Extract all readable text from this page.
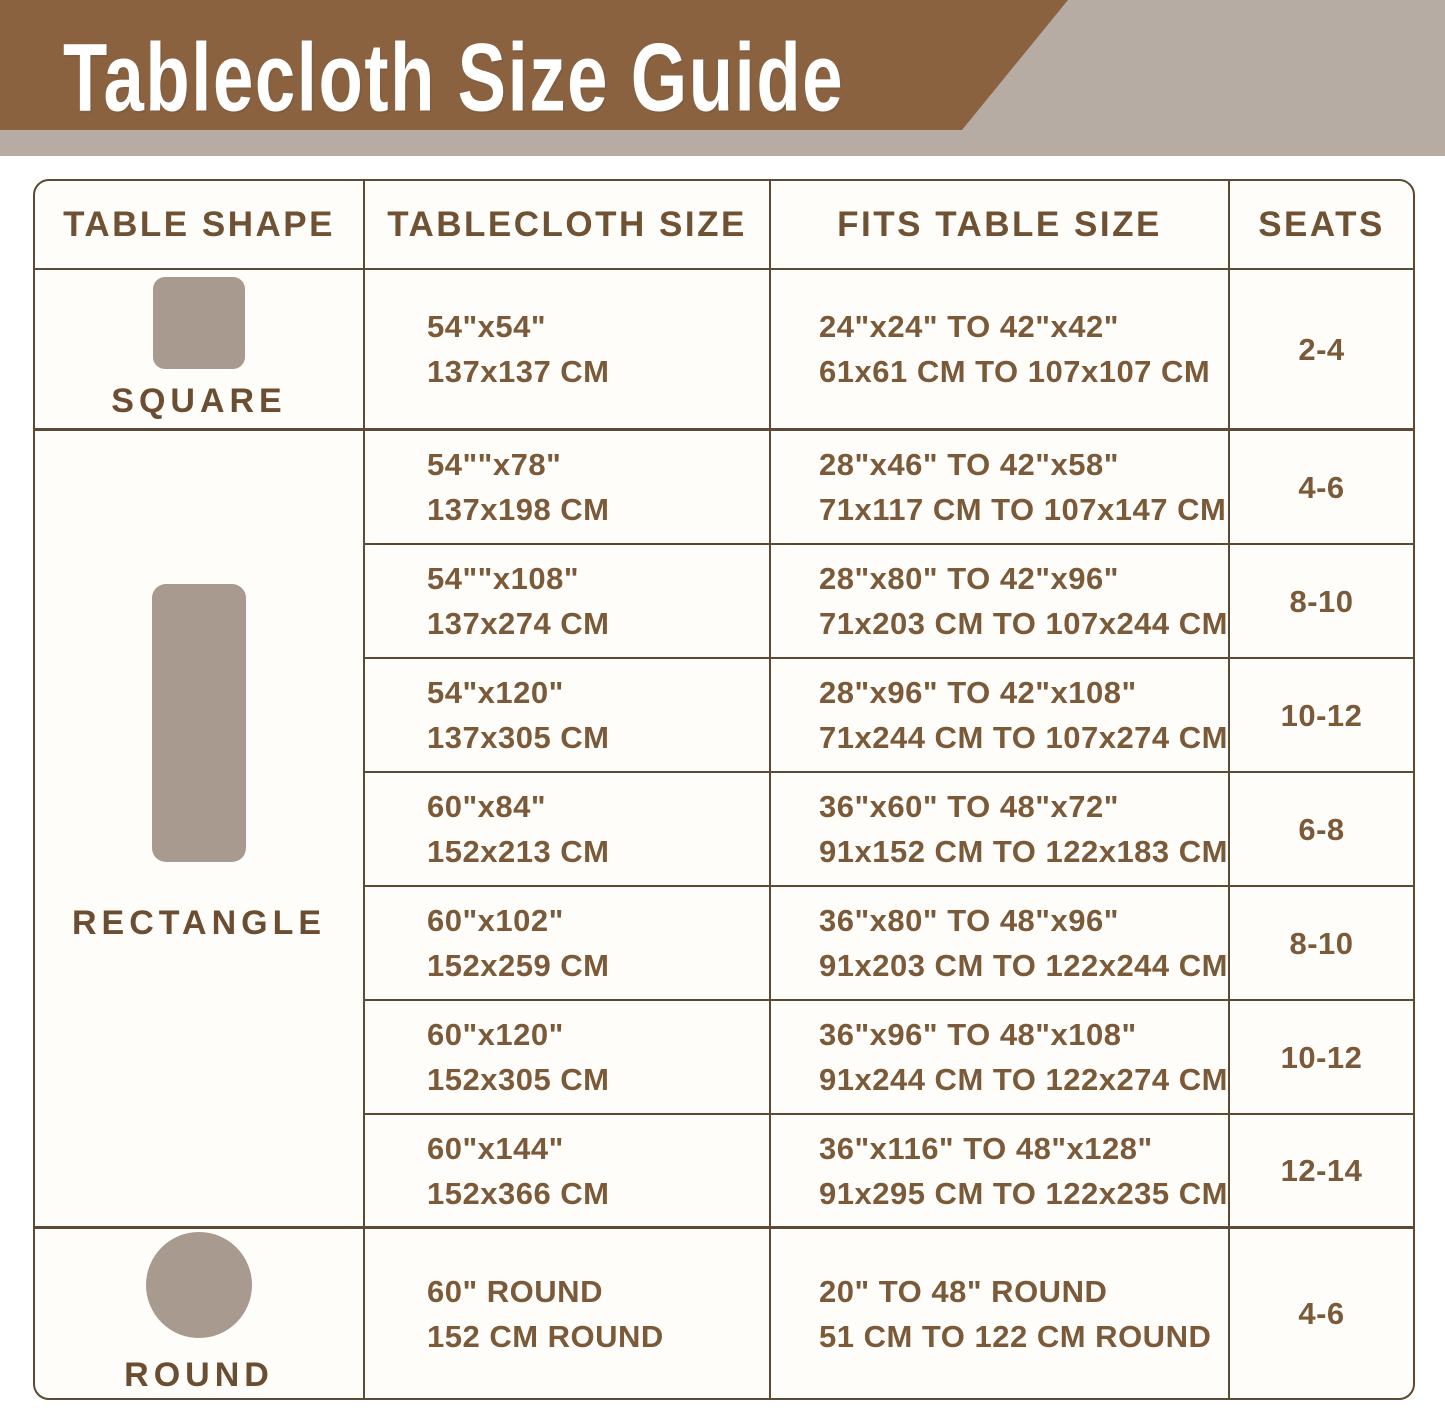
Tablecloth Size Guide
TABLE SHAPE TABLECLOTH SIZE	FITS TABLE SIZE	SEATS
SQUARE
54"x54"
137x137 CM
24"x24" TO 42"x42"
61x61 CM TO 107x107 CM
2-4
RECTANGLE
54""x78"
137x198 CM
28"x46" TO 42"x58"
71x117 CM TO 107x147 CM
4-6
54""x108"
137x274 CM
28"x80" TO 42"x96"
71x203 CM TO 107x244 CM
8-10
54"x120"
137x305 CM
28"x96" TO 42"x108"
71x244 CM TO 107x274 CM
10-12
60"x84"
152x213 CM
36"x60" TO 48"x72"
91x152 CM TO 122x183 CM
6-8
60"x102"
152x259 CM
36"x80" TO 48"x96"
91x203 CM TO 122x244 CM
8-10
60"x120"
152x305 CM
36"x96" TO 48"x108"
91x244 CM TO 122x274 CM
10-12
60"x144"
152x366 CM
36"x116" TO 48"x128"
91x295 CM TO 122x235 CM
12-14
ROUND
60" ROUND
152 CM ROUND
20" TO 48" ROUND
51 CM TO 122 CM ROUND
4-6
